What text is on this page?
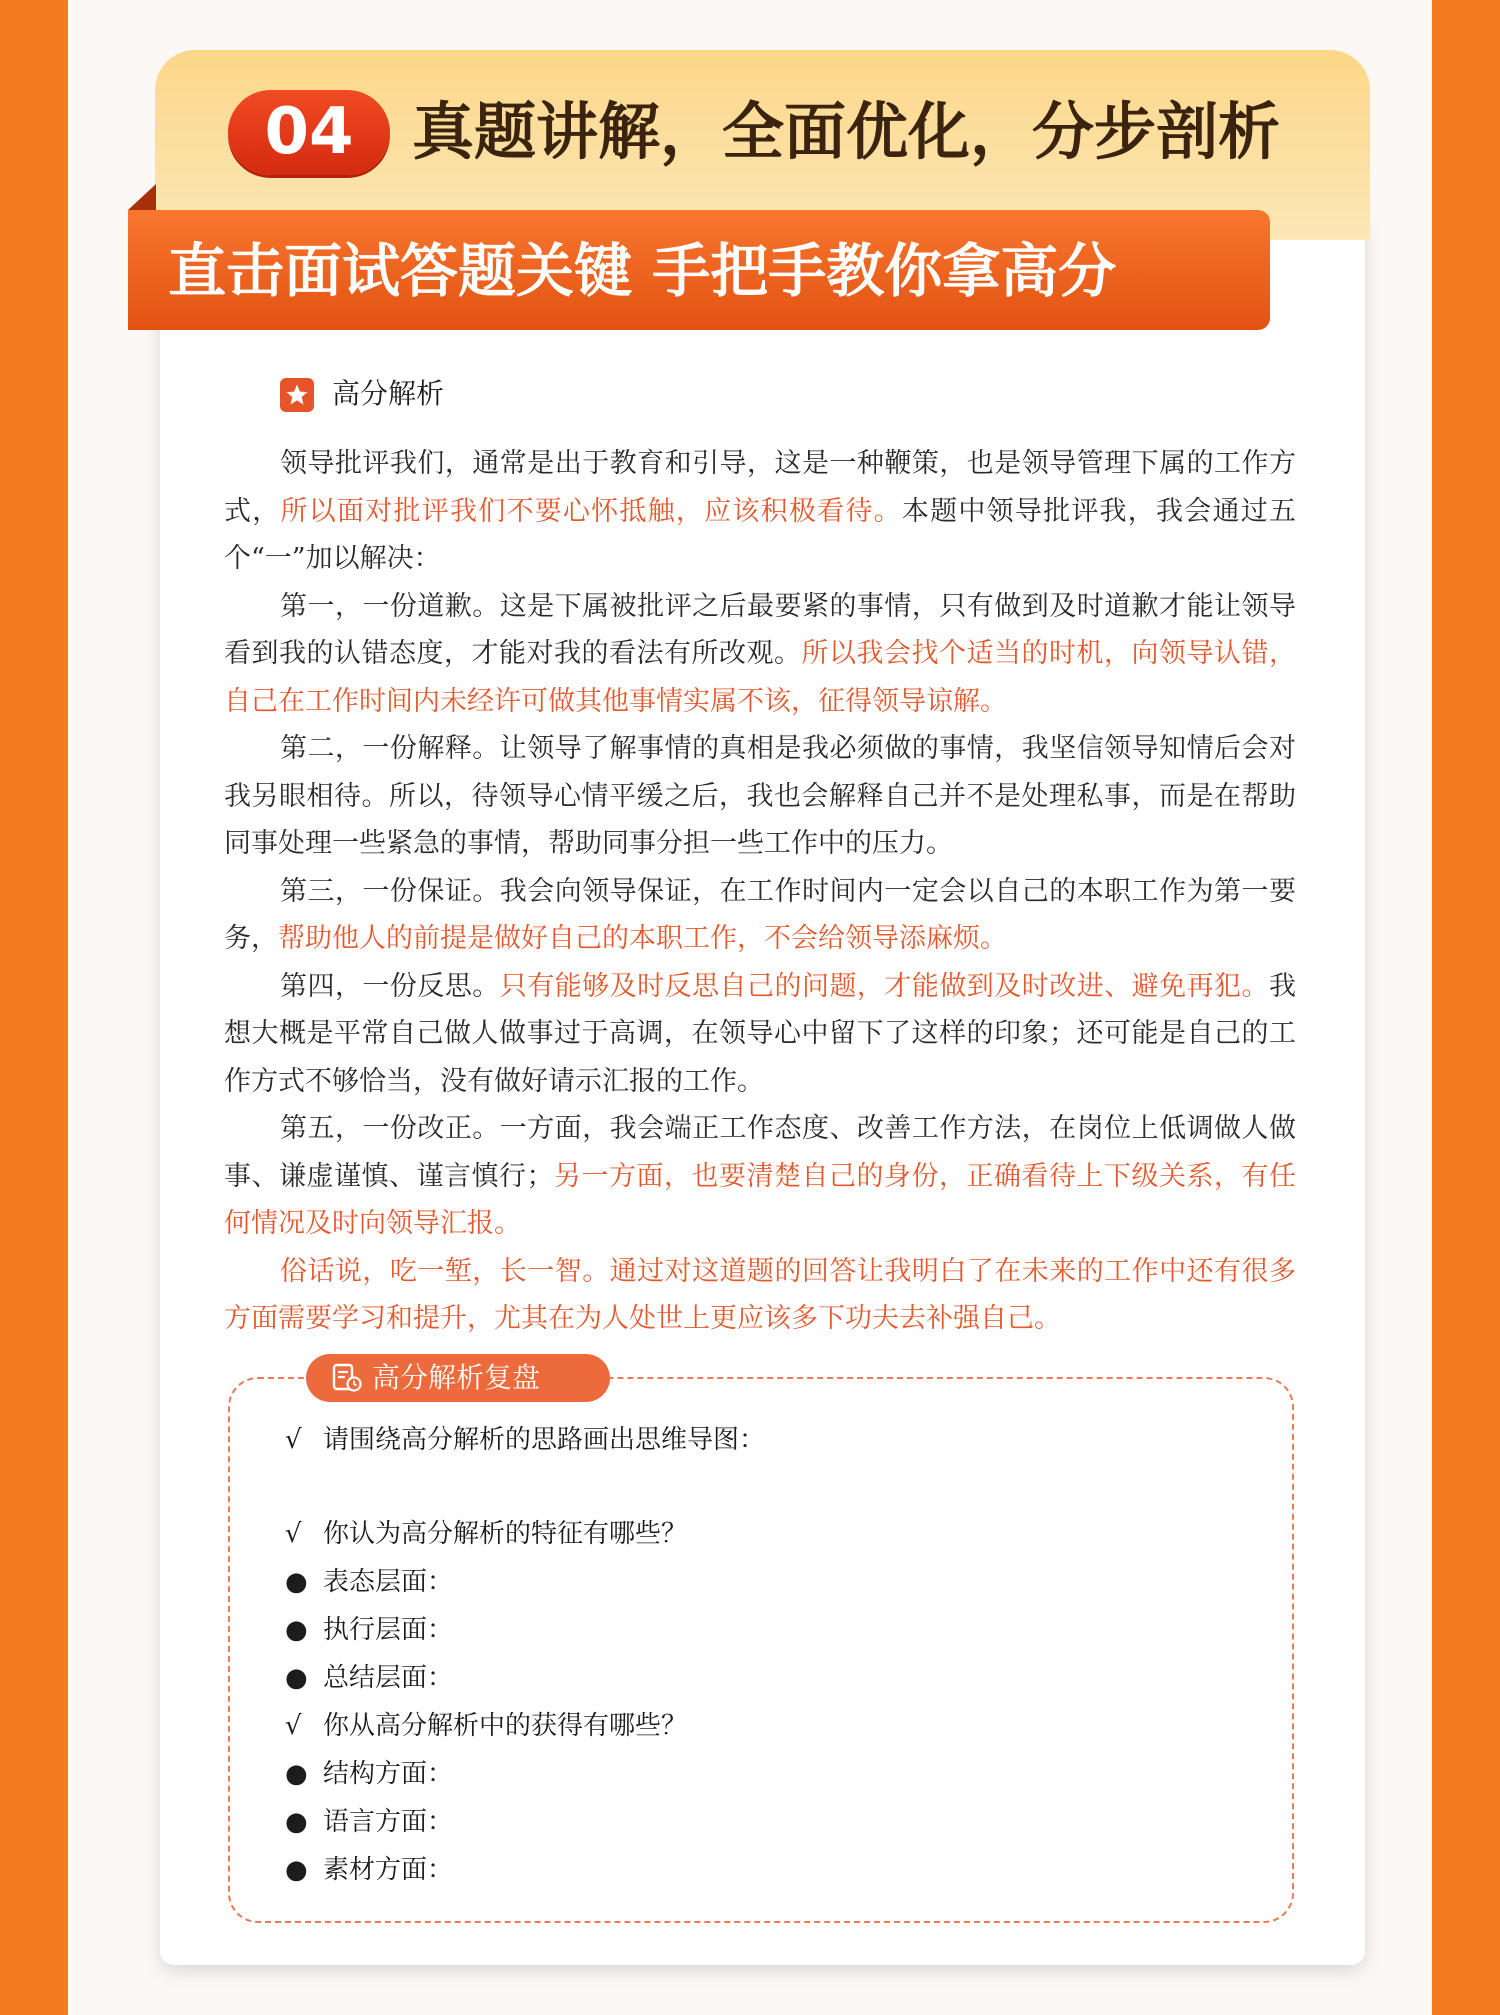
04 真题讲解，全面优化，分步剖析
直击面试答题关键 手把手教你拿高分
高分解析

领导批评我们，通常是出于教育和引导，这是一种鞭策，也是领导管理下属的工作方式，所以面对批评我们不要心怀抵触，应该积极看待。本题中领导批评我，我会通过五个“一”加以解决：

第一，一份道歉。这是下属被批评之后最要紧的事情，只有做到及时道歉才能让领导看到我的认错态度，才能对我的看法有所改观。所以我会找个适当的时机，向领导认错，自己在工作时间内未经许可做其他事情实属不该，征得领导谅解。

第二，一份解释。让领导了解事情的真相是我必须做的事情，我坚信领导知情后会对我另眼相待。所以，待领导心情平缓之后，我也会解释自己并不是处理私事，而是在帮助同事处理一些紧急的事情，帮助同事分担一些工作中的压力。

第三，一份保证。我会向领导保证，在工作时间内一定会以自己的本职工作为第一要务，帮助他人的前提是做好自己的本职工作，不会给领导添麻烦。

第四，一份反思。只有能够及时反思自己的问题，才能做到及时改进、避免再犯。我想大概是平常自己做人做事过于高调，在领导心中留下了这样的印象；还可能是自己的工作方式不够恰当，没有做好请示汇报的工作。

第五，一份改正。一方面，我会端正工作态度、改善工作方法，在岗位上低调做人做事、谦虚谨慎、谨言慎行；另一方面，也要清楚自己的身份，正确看待上下级关系，有任何情况及时向领导汇报。

俗话说，吃一堑，长一智。通过对这道题的回答让我明白了在未来的工作中还有很多方面需要学习和提升，尤其在为人处世上更应该多下功夫去补强自己。

高分解析复盘
√ 请围绕高分解析的思路画出思维导图：
√ 你认为高分解析的特征有哪些？
● 表态层面：
● 执行层面：
● 总结层面：
√ 你从高分解析中的获得有哪些？
● 结构方面：
● 语言方面：
● 素材方面：
